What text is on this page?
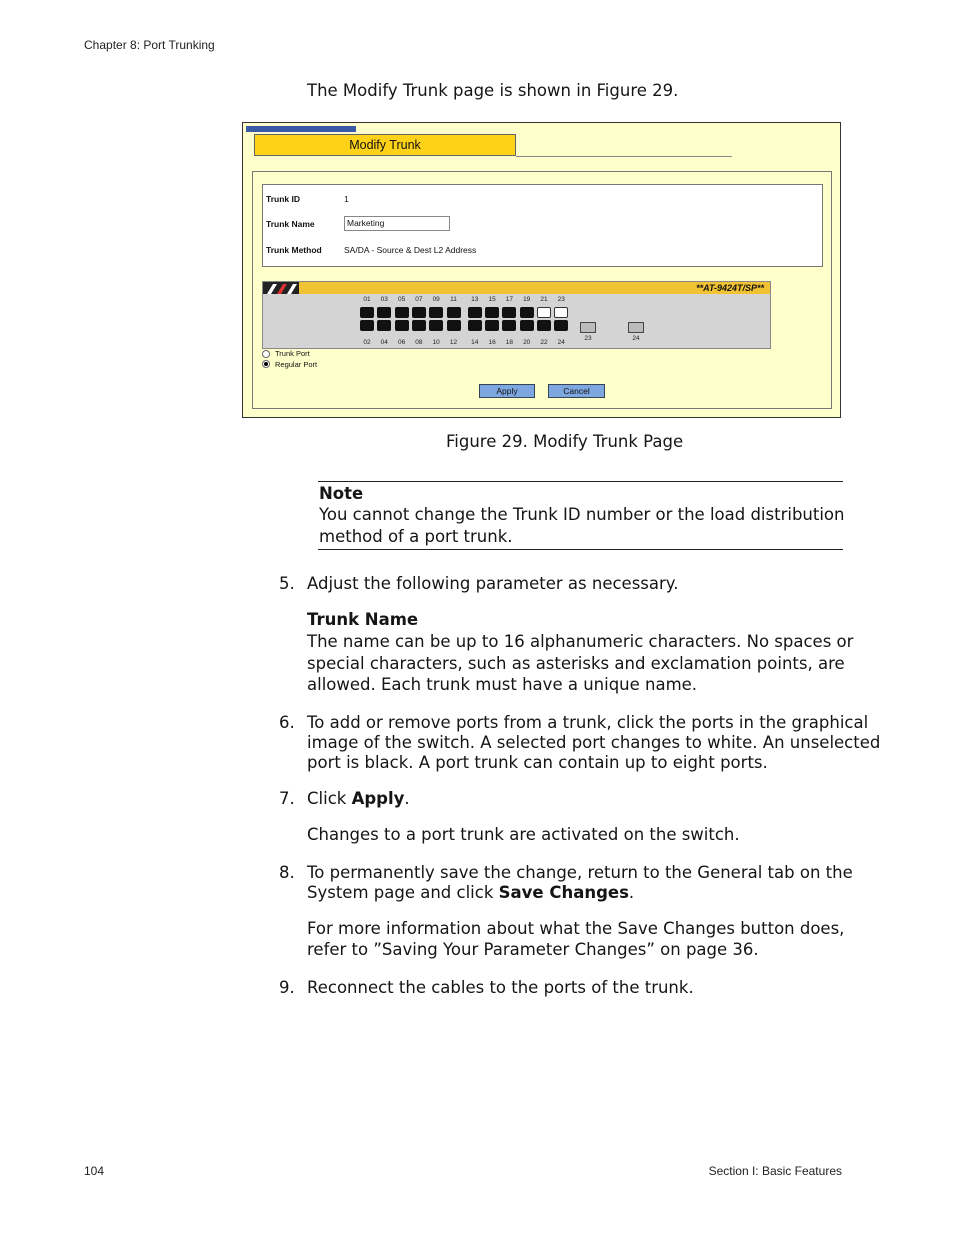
Chapter 8: Port Trunking
The Modify Trunk page is shown in Figure 29.
Modify Trunk
Trunk ID	1
Trunk Name	Marketing
Trunk Method	SA/DA - Source & Dest L2 Address
**AT-9424T/SP**
01
02
03
04
05
06
07
08
09
10
11
12
13
14
15
16
17
18
19
20
21
22
23
24
23	24
Trunk Port
Regular Port
Apply	Cancel
Figure 29. Modify Trunk Page
Note
You cannot change the Trunk ID number or the load distribution
method of a port trunk.
5. Adjust the following parameter as necessary.
Trunk Name
The name can be up to 16 alphanumeric characters. No spaces or
special characters, such as asterisks and exclamation points, are
allowed. Each trunk must have a unique name.
6. To add or remove ports from a trunk, click the ports in the graphical
image of the switch. A selected port changes to white. An unselected
port is black. A port trunk can contain up to eight ports.
7. Click Apply.
Changes to a port trunk are activated on the switch.
8. To permanently save the change, return to the General tab on the
System page and click Save Changes.
For more information about what the Save Changes button does,
refer to ”Saving Your Parameter Changes” on page 36.
9. Reconnect the cables to the ports of the trunk.
104	Section I: Basic Features
